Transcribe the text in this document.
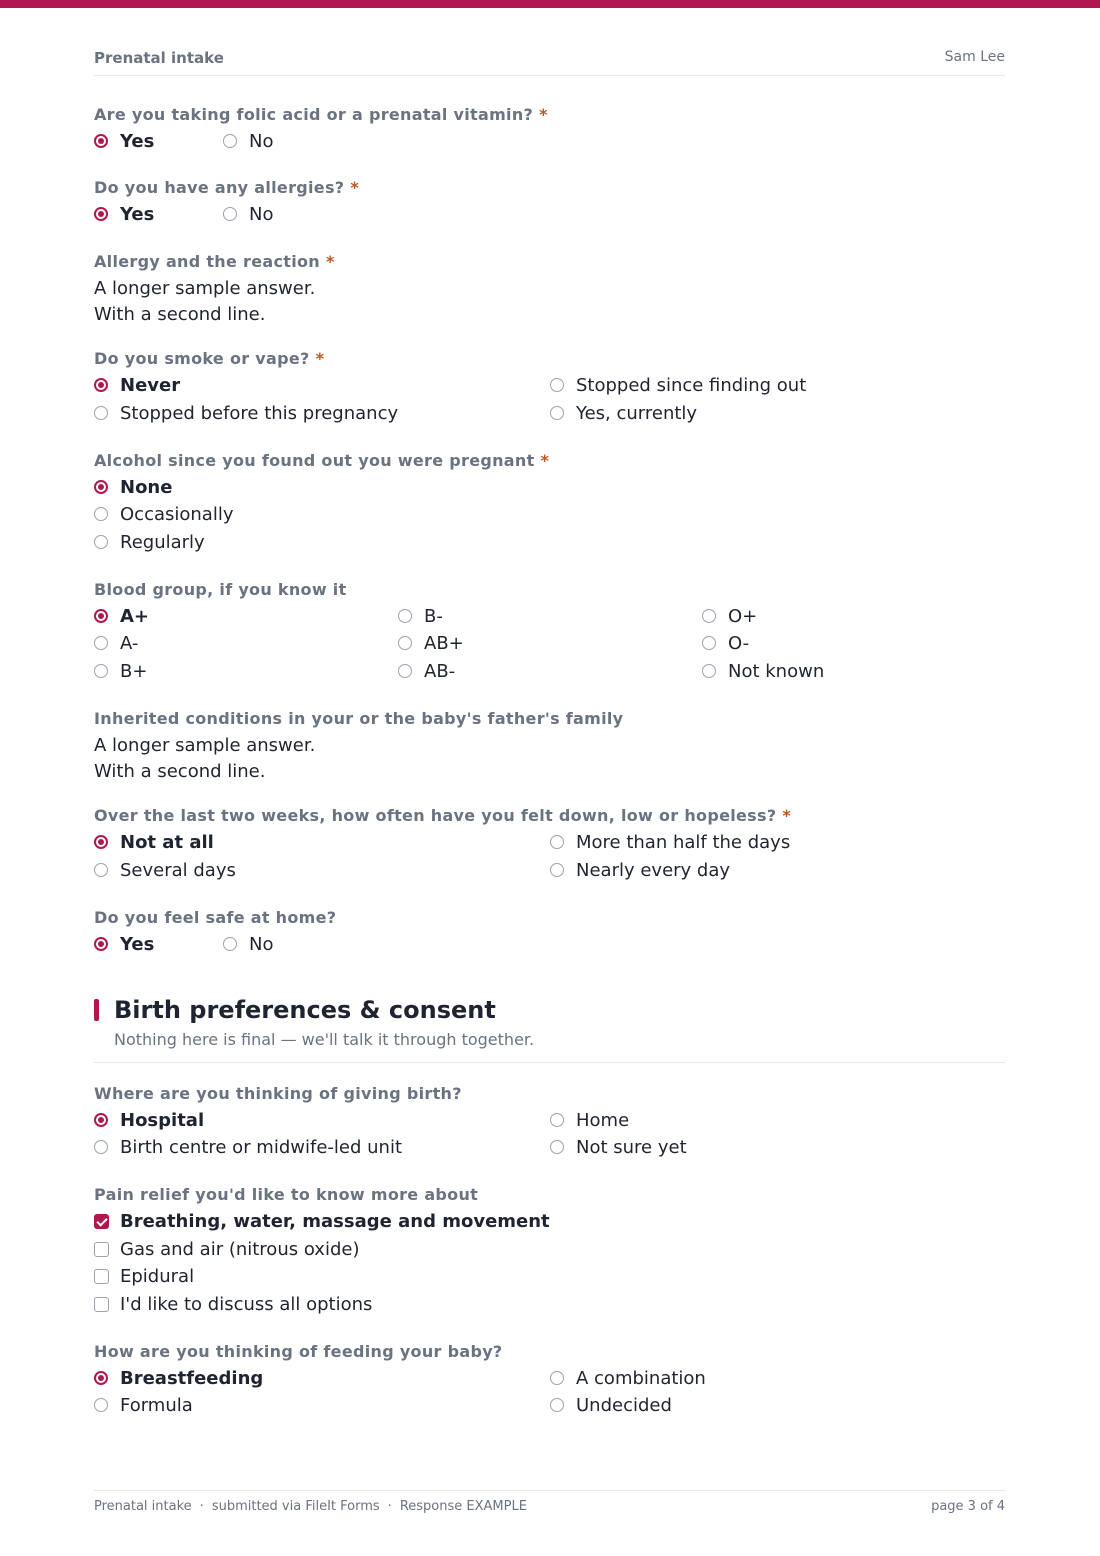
Prenatal intake	Sam Lee
Are you taking folic acid or a prenatal vitamin? *
Yes	No
Do you have any allergies? *
Yes	No
Allergy and the reaction *
A longer sample answer.
With a second line.
Do you smoke or vape? *
Never
Stopped before this pregnancy
Stopped since finding out
Yes, currently
Alcohol since you found out you were pregnant *
None
Occasionally
Regularly
Blood group, if you know it
A+
A-
B+
B-
AB+
AB-
O+
O-
Not known
Inherited conditions in your or the baby's father's family
A longer sample answer.
With a second line.
Over the last two weeks, how often have you felt down, low or hopeless? *
Not at all
Several days
More than half the days
Nearly every day
Do you feel safe at home?
Yes	No
Birth preferences & consent
Nothing here is final — we'll talk it through together.
Where are you thinking of giving birth?
Hospital
Birth centre or midwife-led unit
Home
Not sure yet
Pain relief you'd like to know more about
Breathing, water, massage and movement
Gas and air (nitrous oxide)
Epidural
I'd like to discuss all options
How are you thinking of feeding your baby?
Breastfeeding
Formula
A combination
Undecided
Prenatal intake · submitted via FileIt Forms · Response EXAMPLE	page 3 of 4
